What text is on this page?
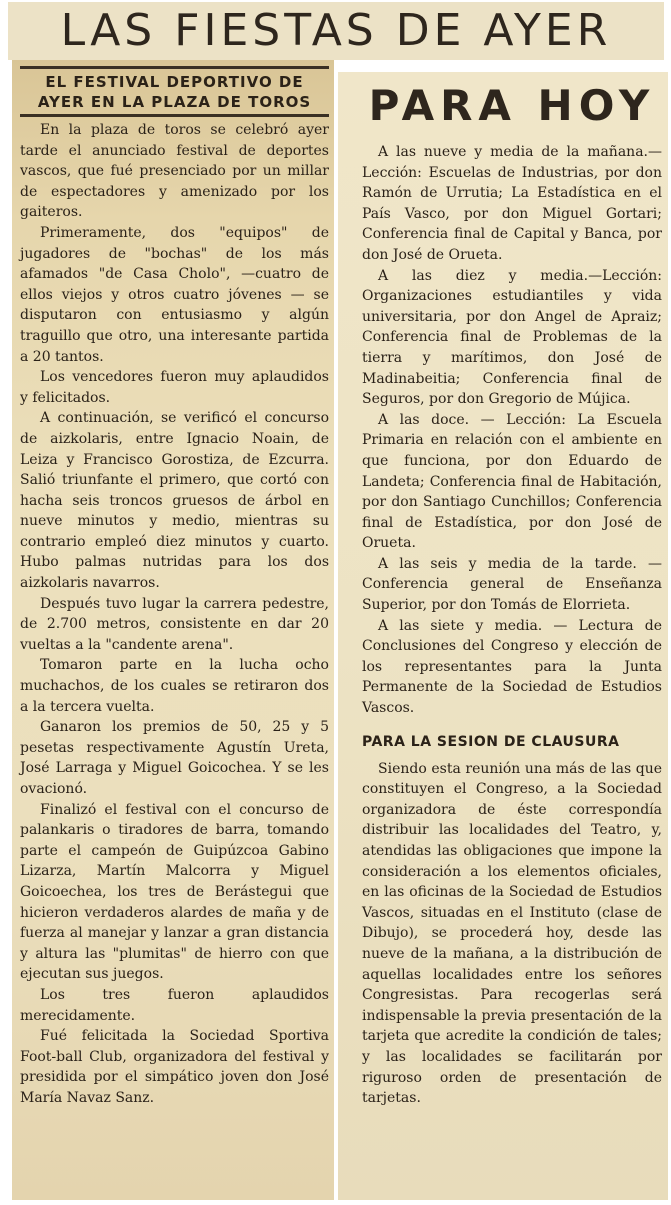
LAS FIESTAS DE AYER

EL FESTIVAL DEPORTIVO DE AYER EN LA PLAZA DE TOROS

En la plaza de toros se celebró ayer tarde el anunciado festival de deportes vascos, que fué presenciado por un millar de espectadores y amenizado por los gaiteros.

Primeramente, dos "equipos" de jugadores de "bochas" de los más afamados "de Casa Cholo", —cuatro de ellos viejos y otros cuatro jóvenes — se disputaron con entusiasmo y algún traguillo que otro, una interesante partida a 20 tantos.

Los vencedores fueron muy aplaudidos y felicitados.

A continuación, se verificó el concurso de aizkolaris, entre Ignacio Noain, de Leiza y Francisco Gorostiza, de Ezcurra. Salió triunfante el primero, que cortó con hacha seis troncos gruesos de árbol en nueve minutos y medio, mientras su contrario empleó diez minutos y cuarto. Hubo palmas nutridas para los dos aizkolaris navarros.

Después tuvo lugar la carrera pedestre, de 2.700 metros, consistente en dar 20 vueltas a la "candente arena".

Tomaron parte en la lucha ocho muchachos, de los cuales se retiraron dos a la tercera vuelta.

Ganaron los premios de 50, 25 y 5 pesetas respectivamente Agustín Ureta, José Larraga y Miguel Goicochea. Y se les ovacionó.

Finalizó el festival con el concurso de palankaris o tiradores de barra, tomando parte el campeón de Guipúzcoa Gabino Lizarza, Martín Malcorra y Miguel Goicoechea, los tres de Berástegui que hicieron verdaderos alardes de maña y de fuerza al manejar y lanzar a gran distancia y altura las "plumitas" de hierro con que ejecutan sus juegos.

Los tres fueron aplaudidos merecidamente.

Fué felicitada la Sociedad Sportiva Foot-ball Club, organizadora del festival y presidida por el simpático joven don José María Navaz Sanz.

PARA HOY

A las nueve y media de la mañana.— Lección: Escuelas de Industrias, por don Ramón de Urrutia; La Estadística en el País Vasco, por don Miguel Gortari; Conferencia final de Capital y Banca, por don José de Orueta.

A las diez y media.—Lección: Organizaciones estudiantiles y vida universitaria, por don Angel de Apraiz; Conferencia final de Problemas de la tierra y marítimos, don José de Madinabeitia; Conferencia final de Seguros, por don Gregorio de Mújica.

A las doce. — Lección: La Escuela Primaria en relación con el ambiente en que funciona, por don Eduardo de Landeta; Conferencia final de Habitación, por don Santiago Cunchillos; Conferencia final de Estadística, por don José de Orueta.

A las seis y media de la tarde. — Conferencia general de Enseñanza Superior, por don Tomás de Elorrieta.

A las siete y media. — Lectura de Conclusiones del Congreso y elección de los representantes para la Junta Permanente de la Sociedad de Estudios Vascos.

PARA LA SESION DE CLAUSURA

Siendo esta reunión una más de las que constituyen el Congreso, a la Sociedad organizadora de éste correspondía distribuir las localidades del Teatro, y, atendidas las obligaciones que impone la consideración a los elementos oficiales, en las oficinas de la Sociedad de Estudios Vascos, situadas en el Instituto (clase de Dibujo), se procederá hoy, desde las nueve de la mañana, a la distribución de aquellas localidades entre los señores Congresistas. Para recogerlas será indispensable la previa presentación de la tarjeta que acredite la condición de tales; y las localidades se facilitarán por riguroso orden de presentación de tarjetas.
